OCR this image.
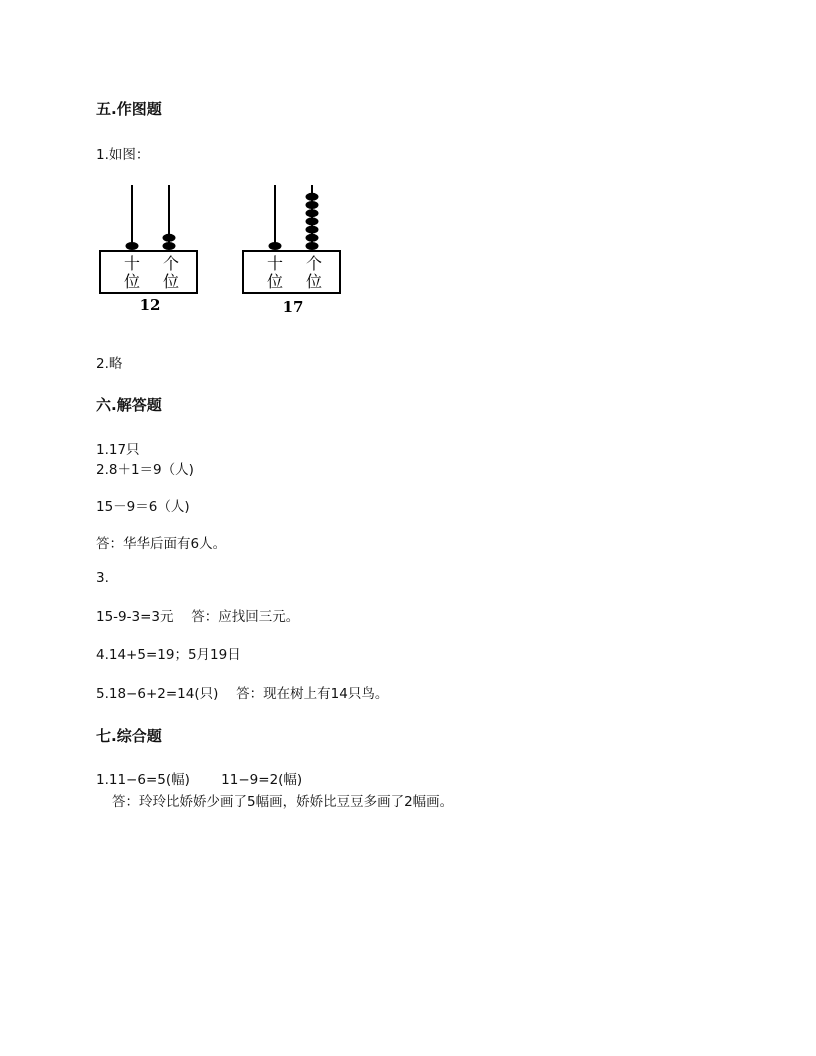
五.作图题
1.如图：
十
位
个
位
12
十
位
个
位
17
2.略
六.解答题
1.17只
2.8＋1＝9（人)
15－9＝6（人)
答：华华后面有6人。
3.
15-9-3=3元　 答：应找回三元。
4.14+5=19；5月19日
5.18−6+2=14(只)　 答：现在树上有14只鸟。
七.综合题
1.11−6=5(幅)　　 11−9=2(幅)
答：玲玲比娇娇少画了5幅画，娇娇比豆豆多画了2幅画。
